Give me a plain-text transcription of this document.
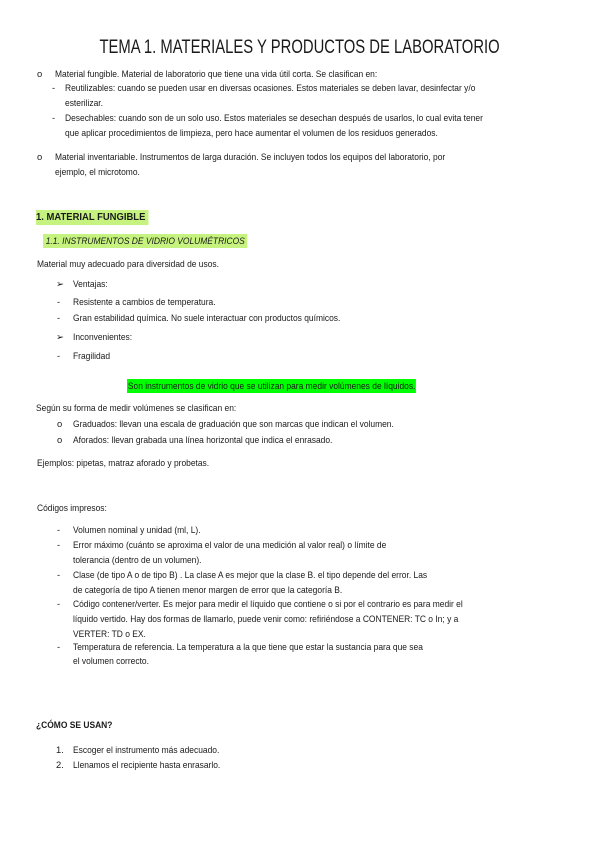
TEMA 1. MATERIALES Y PRODUCTOS DE LABORATORIO
o Material fungible. Material de laboratorio que tiene una vida útil corta. Se clasifican en:
- Reutilizables: cuando se pueden usar en diversas ocasiones. Estos materiales se deben lavar, desinfectar y/o
esterilizar.
- Desechables: cuando son de un solo uso. Estos materiales se desechan después de usarlos, lo cual evita tener
que aplicar procedimientos de limpieza, pero hace aumentar el volumen de los residuos generados.
o Material inventariable. Instrumentos de larga duración. Se incluyen todos los equipos del laboratorio, por
ejemplo, el microtomo.
1. MATERIAL FUNGIBLE
1.1. INSTRUMENTOS DE VIDRIO VOLUMÉTRICOS
Material muy adecuado para diversidad de usos.
➢ Ventajas:
- Resistente a cambios de temperatura.
- Gran estabilidad química. No suele interactuar con productos químicos.
➢ Inconvenientes:
- Fragilidad
Son instrumentos de vidrio que se utilizan para medir volúmenes de líquidos.
Según su forma de medir volúmenes se clasifican en:
o Graduados: llevan una escala de graduación que son marcas que indican el volumen.
o Aforados: llevan grabada una línea horizontal que indica el enrasado.
Ejemplos: pipetas, matraz aforado y probetas.
Códigos impresos:
- Volumen nominal y unidad (ml, L).
- Error máximo (cuánto se aproxima el valor de una medición al valor real) o límite de
tolerancia (dentro de un volumen).
- Clase (de tipo A o de tipo B) . La clase A es mejor que la clase B. el tipo depende del error. Las
de categoría de tipo A tienen menor margen de error que la categoría B.
- Código contener/verter. Es mejor para medir el líquido que contiene o si por el contrario es para medir el
líquido vertido. Hay dos formas de llamarlo, puede venir como: refiriéndose a CONTENER: TC o In; y a
VERTER: TD o EX.
- Temperatura de referencia. La temperatura a la que tiene que estar la sustancia para que sea
el volumen correcto.
¿CÓMO SE USAN?
1. Escoger el instrumento más adecuado.
2. Llenamos el recipiente hasta enrasarlo.
